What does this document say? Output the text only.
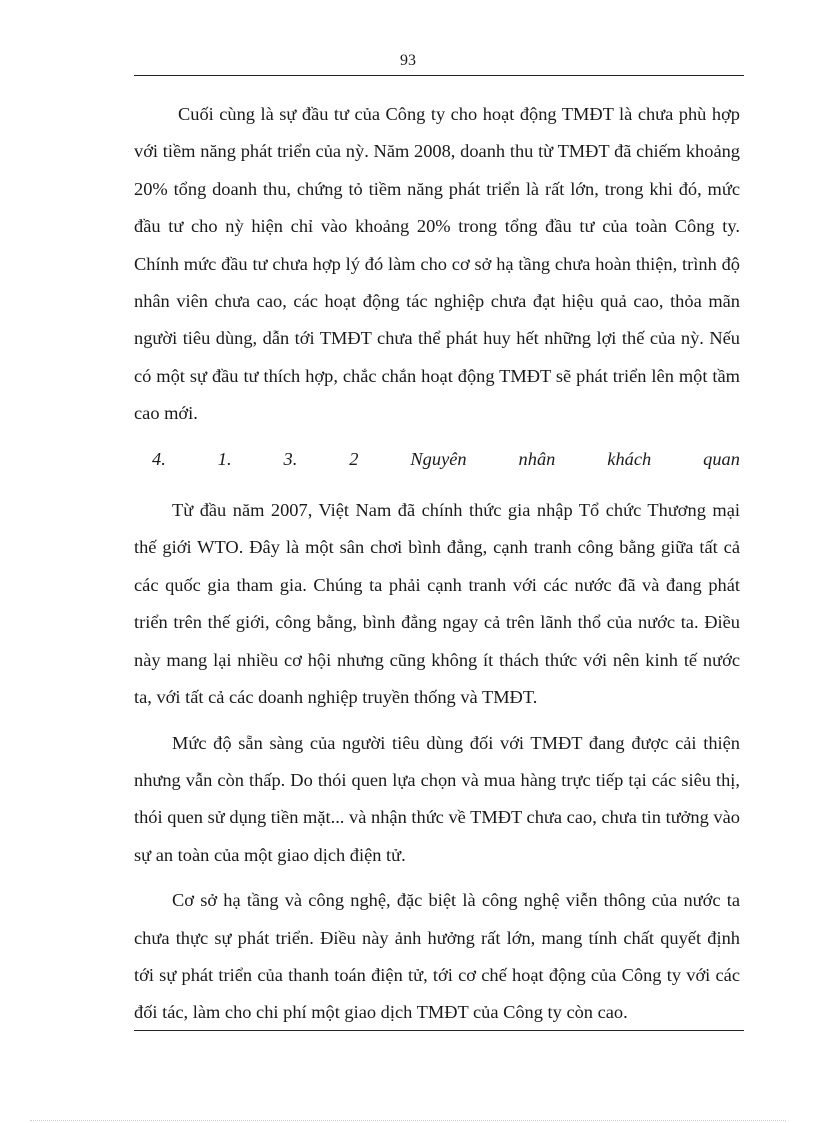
93

Cuối cùng là sự đầu tư của Công ty cho hoạt động TMĐT là chưa phù hợp với tiềm năng phát triển của nỳ. Năm 2008, doanh thu từ TMĐT đã chiếm khoảng 20% tổng doanh thu, chứng tỏ tiềm năng phát triển là rất lớn, trong khi đó, mức đầu tư cho nỳ hiện chỉ vào khoảng 20% trong tổng đầu tư của toàn Công ty. Chính mức đầu tư chưa hợp lý đó làm cho cơ sở hạ tầng chưa hoàn thiện, trình độ nhân viên chưa cao, các hoạt động tác nghiệp chưa đạt hiệu quả cao, thỏa mãn người tiêu dùng, dẫn tới TMĐT chưa thể phát huy hết những lợi thế của nỳ. Nếu có một sự đầu tư thích hợp, chắc chắn hoạt động TMĐT sẽ phát triển lên một tầm cao mới.

4.	1.	3.	2	Nguyên	nhân	khách	quan

Từ đầu năm 2007, Việt Nam đã chính thức gia nhập Tổ chức Thương mại thế giới WTO. Đây là một sân chơi bình đẳng, cạnh tranh công bằng giữa tất cả các quốc gia tham gia. Chúng ta phải cạnh tranh với các nước đã và đang phát triển trên thế giới, công bằng, bình đẳng ngay cả trên lãnh thổ của nước ta. Điều này mang lại nhiều cơ hội nhưng cũng không ít thách thức với nên kinh tế nước ta, với tất cả các doanh nghiệp truyền thống và TMĐT.

Mức độ sẵn sàng của người tiêu dùng đối với TMĐT đang được cải thiện nhưng vẫn còn thấp. Do thói quen lựa chọn và mua hàng trực tiếp tại các siêu thị, thói quen sử dụng tiền mặt... và nhận thức về TMĐT chưa cao, chưa tin tưởng vào sự an toàn của một giao dịch điện tử.

Cơ sở hạ tầng và công nghệ, đặc biệt là công nghệ viễn thông của nước ta chưa thực sự phát triển. Điều này ảnh hưởng rất lớn, mang tính chất quyết định tới sự phát triển của thanh toán điện tử, tới cơ chế hoạt động của Công ty với các đối tác, làm cho chi phí một giao dịch TMĐT của Công ty còn cao.
